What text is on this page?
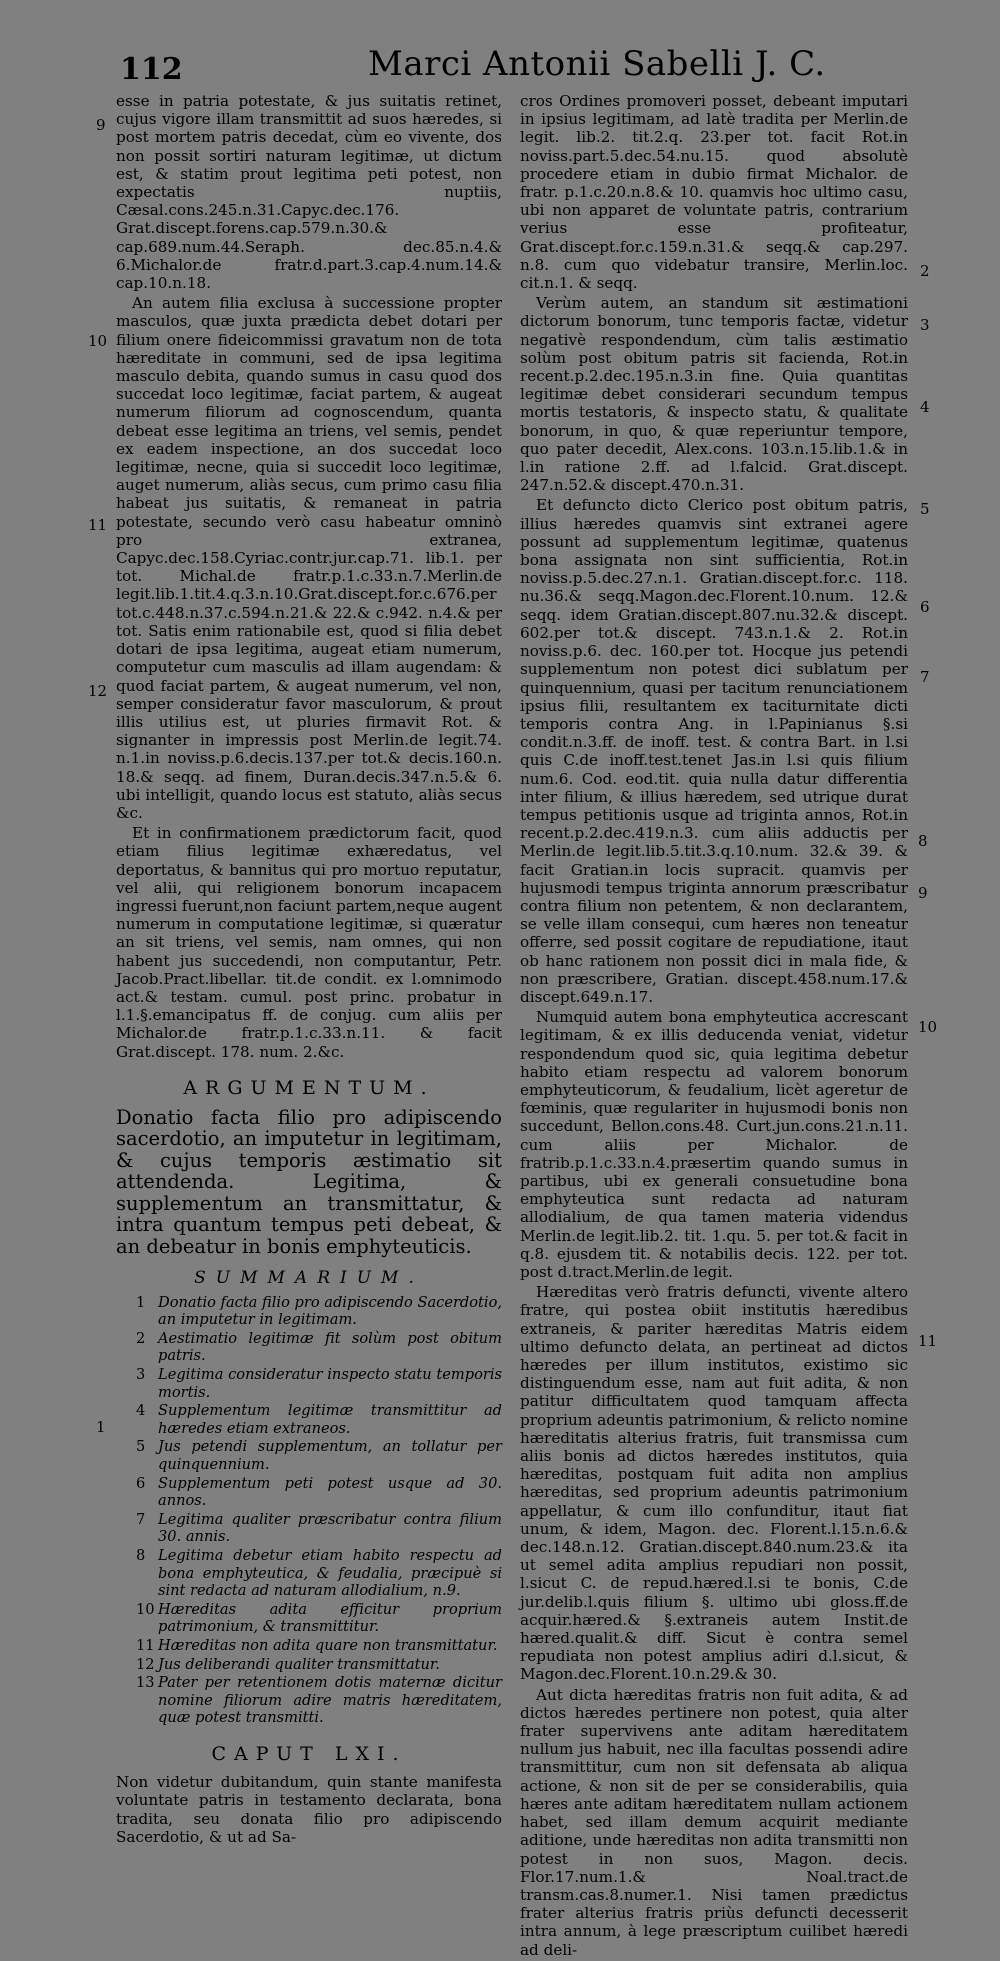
112	Marci Antonii Sabelli J. C.
9
10
11
12
1
2
3
4
5
6
7
8
9
10
11

esse in patria potestate, & jus suitatis retinet, cujus vigore illam transmittit ad suos hæredes, si post mortem patris decedat, cùm eo vivente, dos non possit sortiri naturam legitimæ, ut dictum est, & statim prout legitima peti potest, non expectatis nuptiis, Cæsal.cons.245.n.31.Capyc.dec.176. Grat.discept.forens.cap.579.n.30.& cap.689.num.44.Seraph. dec.85.n.4.& 6.Michalor.de fratr.d.part.3.cap.4.num.14.& cap.10.n.18.

An autem filia exclusa à successione propter masculos, quæ juxta prædicta debet dotari per filium onere fideicommissi gravatum non de tota hæreditate in communi, sed de ipsa legitima masculo debita, quando sumus in casu quod dos succedat loco legitimæ, faciat partem, & augeat numerum filiorum ad cognoscendum, quanta debeat esse legitima an triens, vel semis, pendet ex eadem inspectione, an dos succedat loco legitimæ, necne, quia si succedit loco legitimæ, auget numerum, aliàs secus, cum primo casu filia habeat jus suitatis, & remaneat in patria potestate, secundo verò casu habeatur omninò pro extranea, Capyc.dec.158.Cyriac.contr.jur.cap.71. lib.1. per tot. Michal.de fratr.p.1.c.33.n.7.Merlin.de legit.lib.1.tit.4.q.3.n.10.Grat.discept.for.c.676.per tot.c.448.n.37.c.594.n.21.& 22.& c.942. n.4.& per tot. Satis enim rationabile est, quod si filia debet dotari de ipsa legitima, augeat etiam numerum, computetur cum masculis ad illam augendam: & quod faciat partem, & augeat numerum, vel non, semper consideratur favor masculorum, & prout illis utilius est, ut pluries firmavit Rot. & signanter in impressis post Merlin.de legit.74. n.1.in noviss.p.6.decis.137.per tot.& decis.160.n. 18.& seqq. ad finem, Duran.decis.347.n.5.& 6. ubi intelligit, quando locus est statuto, aliàs secus &c.

Et in confirmationem prædictorum facit, quod etiam filius legitimæ exhæredatus, vel deportatus, & bannitus qui pro mortuo reputatur, vel alii, qui religionem bonorum incapacem ingressi fuerunt,non faciunt partem,neque augent numerum in computatione legitimæ, si quæratur an sit triens, vel semis, nam omnes, qui non habent jus succedendi, non computantur, Petr. Jacob.Pract.libellar. tit.de condit. ex l.omnimodo act.& testam. cumul. post princ. probatur in l.1.§.emancipatus ff. de conjug. cum aliis per Michalor.de fratr.p.1.c.33.n.11. & facit Grat.discept. 178. num. 2.&c.

ARGUMENTUM.
Donatio facta filio pro adipiscendo sacerdotio, an imputetur in legitimam, & cujus temporis æstimatio sit attendenda. Legitima, & supplementum an transmittatur, & intra quantum tempus peti debeat, & an debeatur in bonis emphyteuticis.
SUMMARIUM.
1 Donatio facta filio pro adipiscendo Sacerdotio, an imputetur in legitimam.
2 Aestimatio legitimæ fit solùm post obitum patris.
3 Legitima consideratur inspecto statu temporis mortis.
4 Supplementum legitimæ transmittitur ad hæredes etiam extraneos.
5 Jus petendi supplementum, an tollatur per quinquennium.
6 Supplementum peti potest usque ad 30. annos.
7 Legitima qualiter præscribatur contra filium 30. annis.
8 Legitima debetur etiam habito respectu ad bona emphyteutica, & feudalia, præcipuè si sint redacta ad naturam allodialium, n.9.
10 Hæreditas adita efficitur proprium patrimonium, & transmittitur.
11 Hæreditas non adita quare non transmittatur.
12 Jus deliberandi qualiter transmittatur.
13 Pater per retentionem dotis maternæ dicitur nomine filiorum adire matris hæreditatem, quæ potest transmitti.
CAPUT LXI.

Non videtur dubitandum, quin stante manifesta voluntate patris in testamento declarata, bona tradita, seu donata filio pro adipiscendo Sacerdotio, & ut ad Sa-

cros Ordines promoveri posset, debeant imputari in ipsius legitimam, ad latè tradita per Merlin.de legit. lib.2. tit.2.q. 23.per tot. facit Rot.in noviss.part.5.dec.54.nu.15. quod absolutè procedere etiam in dubio firmat Michalor. de fratr. p.1.c.20.n.8.& 10. quamvis hoc ultimo casu, ubi non apparet de voluntate patris, contrarium verius esse profiteatur, Grat.discept.for.c.159.n.31.& seqq.& cap.297. n.8. cum quo videbatur transire, Merlin.loc. cit.n.1. & seqq.

Verùm autem, an standum sit æstimationi dictorum bonorum, tunc temporis factæ, videtur negativè respondendum, cùm talis æstimatio solùm post obitum patris sit facienda, Rot.in recent.p.2.dec.195.n.3.in fine. Quia quantitas legitimæ debet considerari secundum tempus mortis testatoris, & inspecto statu, & qualitate bonorum, in quo, & quæ reperiuntur tempore, quo pater decedit, Alex.cons. 103.n.15.lib.1.& in l.in ratione 2.ff. ad l.falcid. Grat.discept. 247.n.52.& discept.470.n.31.

Et defuncto dicto Clerico post obitum patris, illius hæredes quamvis sint extranei agere possunt ad supplementum legitimæ, quatenus bona assignata non sint sufficientia, Rot.in noviss.p.5.dec.27.n.1. Gratian.discept.for.c. 118. nu.36.& seqq.Magon.dec.Florent.10.num. 12.& seqq. idem Gratian.discept.807.nu.32.& discept. 602.per tot.& discept. 743.n.1.& 2. Rot.in noviss.p.6. dec. 160.per tot. Hocque jus petendi supplementum non potest dici sublatum per quinquennium, quasi per tacitum renunciationem ipsius filii, resultantem ex taciturnitate dicti temporis contra Ang. in l.Papinianus §.si condit.n.3.ff. de inoff. test. & contra Bart. in l.si quis C.de inoff.test.tenet Jas.in l.si quis filium num.6. Cod. eod.tit. quia nulla datur differentia inter filium, & illius hæredem, sed utrique durat tempus petitionis usque ad triginta annos, Rot.in recent.p.2.dec.419.n.3. cum aliis adductis per Merlin.de legit.lib.5.tit.3.q.10.num. 32.& 39. & facit Gratian.in locis supracit. quamvis per hujusmodi tempus triginta annorum præscribatur contra filium non petentem, & non declarantem, se velle illam consequi, cum hæres non teneatur offerre, sed possit cogitare de repudiatione, itaut ob hanc rationem non possit dici in mala fide, & non præscribere, Gratian. discept.458.num.17.& discept.649.n.17.

Numquid autem bona emphyteutica accrescant legitimam, & ex illis deducenda veniat, videtur respondendum quod sic, quia legitima debetur habito etiam respectu ad valorem bonorum emphyteuticorum, & feudalium, licèt ageretur de fœminis, quæ regulariter in hujusmodi bonis non succedunt, Bellon.cons.48. Curt.jun.cons.21.n.11. cum aliis per Michalor. de fratrib.p.1.c.33.n.4.præsertim quando sumus in partibus, ubi ex generali consuetudine bona emphyteutica sunt redacta ad naturam allodialium, de qua tamen materia videndus Merlin.de legit.lib.2. tit. 1.qu. 5. per tot.& facit in q.8. ejusdem tit. & notabilis decis. 122. per tot. post d.tract.Merlin.de legit.

Hæreditas verò fratris defuncti, vivente altero fratre, qui postea obiit institutis hæredibus extraneis, & pariter hæreditas Matris eidem ultimo defuncto delata, an pertineat ad dictos hæredes per illum institutos, existimo sic distinguendum esse, nam aut fuit adita, & non patitur difficultatem quod tamquam affecta proprium adeuntis patrimonium, & relicto nomine hæreditatis alterius fratris, fuit transmissa cum aliis bonis ad dictos hæredes institutos, quia hæreditas, postquam fuit adita non amplius hæreditas, sed proprium adeuntis patrimonium appellatur, & cum illo confunditur, itaut fiat unum, & idem, Magon. dec. Florent.l.15.n.6.& dec.148.n.12. Gratian.discept.840.num.23.& ita ut semel adita amplius repudiari non possit, l.sicut C. de repud.hæred.l.si te bonis, C.de jur.delib.l.quis filium §. ultimo ubi gloss.ff.de acquir.hæred.& §.extraneis autem Instit.de hæred.qualit.& diff. Sicut è contra semel repudiata non potest amplius adiri d.l.sicut, & Magon.dec.Florent.10.n.29.& 30.

Aut dicta hæreditas fratris non fuit adita, & ad dictos hæredes pertinere non potest, quia alter frater supervivens ante aditam hæreditatem nullum jus habuit, nec illa facultas possendi adire transmittitur, cum non sit defensata ab aliqua actione, & non sit de per se considerabilis, quia hæres ante aditam hæreditatem nullam actionem habet, sed illam demum acquirit mediante aditione, unde hæreditas non adita transmitti non potest in non suos, Magon. decis. Flor.17.num.1.& Noal.tract.de transm.cas.8.numer.1. Nisi tamen prædictus frater alterius fratris priùs defuncti decesserit intra annum, à lege præscriptum cuilibet hæredi ad deli-
